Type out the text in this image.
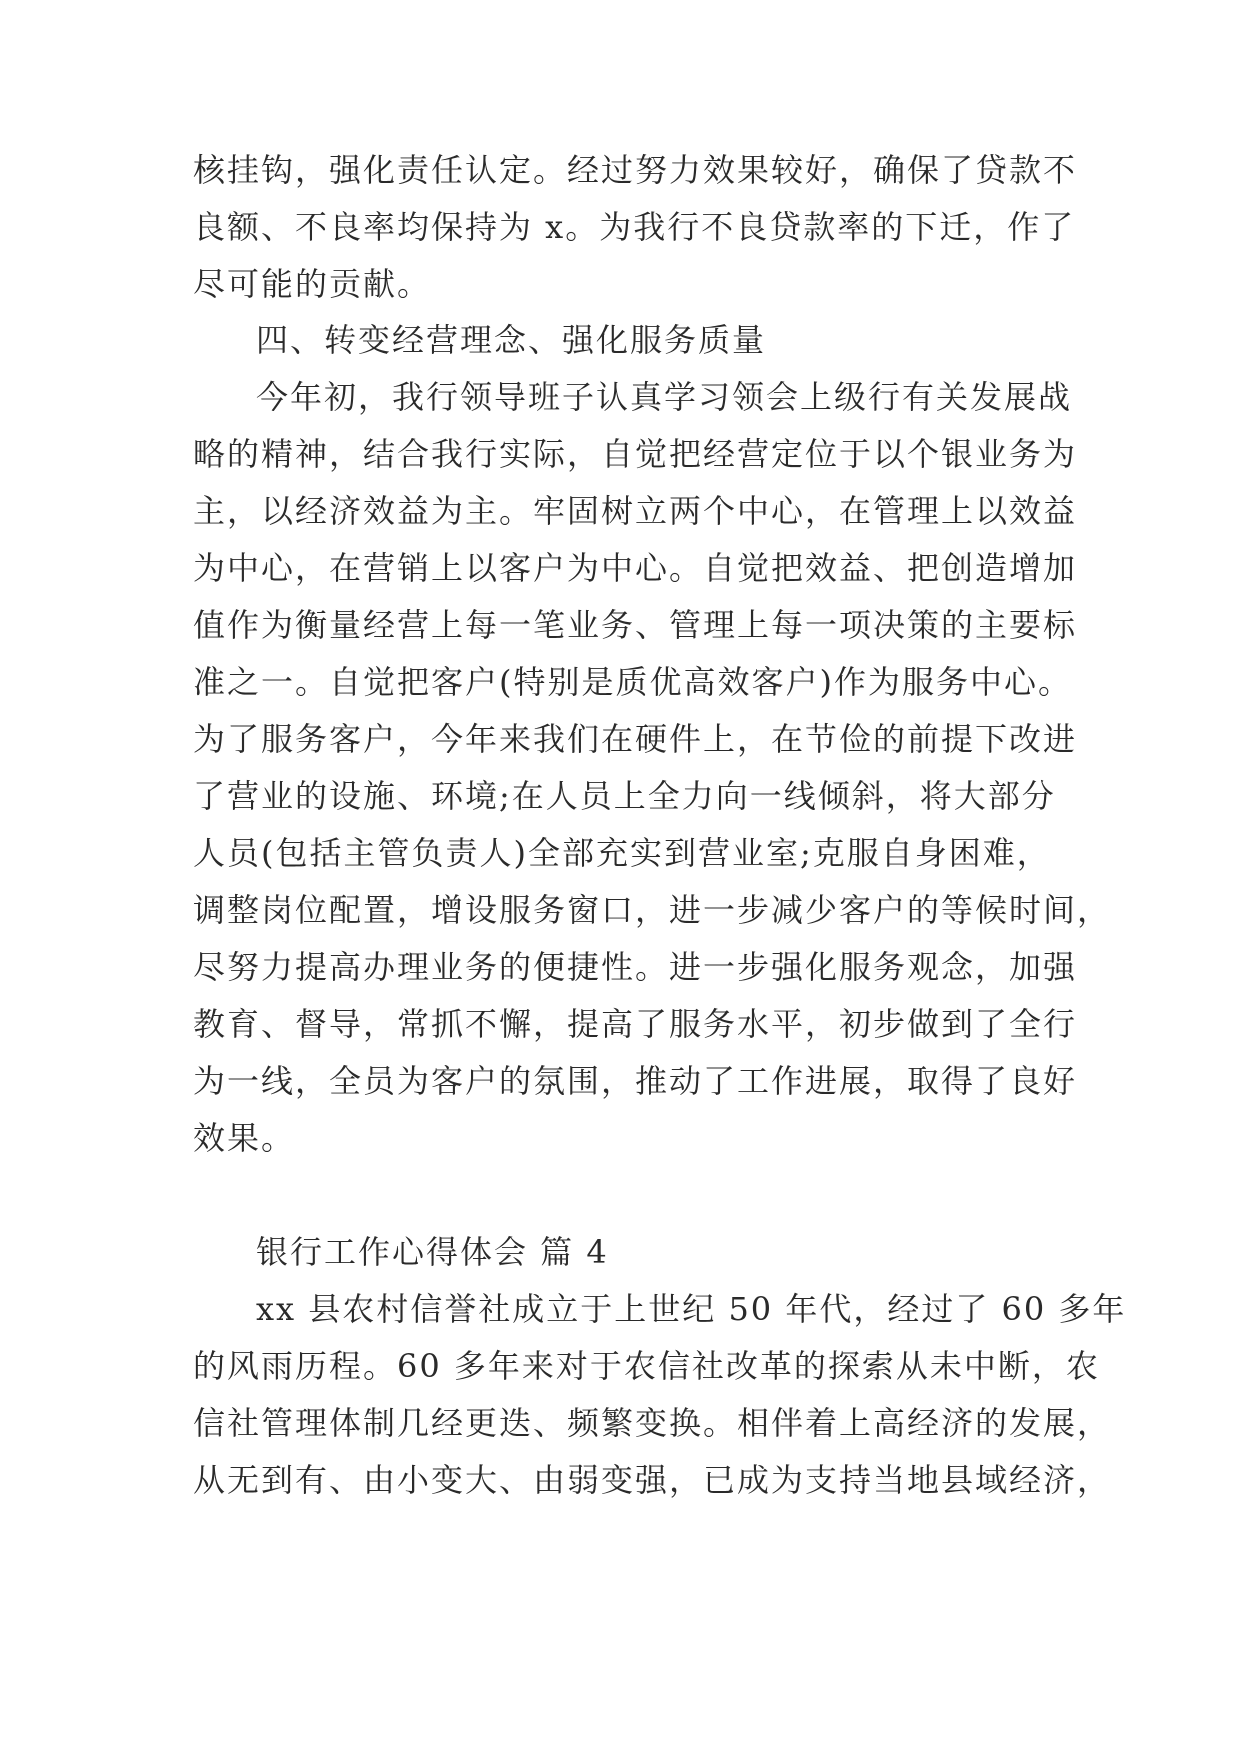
核挂钩，强化责任认定。经过努力效果较好，确保了贷款不
良额、不良率均保持为 x。为我行不良贷款率的下迁，作了
尽可能的贡献。
四、转变经营理念、强化服务质量
今年初，我行领导班子认真学习领会上级行有关发展战
略的精神，结合我行实际，自觉把经营定位于以个银业务为
主，以经济效益为主。牢固树立两个中心，在管理上以效益
为中心，在营销上以客户为中心。自觉把效益、把创造增加
值作为衡量经营上每一笔业务、管理上每一项决策的主要标
准之一。自觉把客户(特别是质优高效客户)作为服务中心。
为了服务客户，今年来我们在硬件上，在节俭的前提下改进
了营业的设施、环境;在人员上全力向一线倾斜，将大部分
人员(包括主管负责人)全部充实到营业室;克服自身困难，
调整岗位配置，增设服务窗口，进一步减少客户的等候时间，
尽努力提高办理业务的便捷性。进一步强化服务观念，加强
教育、督导，常抓不懈，提高了服务水平，初步做到了全行
为一线，全员为客户的氛围，推动了工作进展，取得了良好
效果。
银行工作心得体会 篇 4
xx 县农村信誉社成立于上世纪 50 年代，经过了 60 多年
的风雨历程。60 多年来对于农信社改革的探索从未中断，农
信社管理体制几经更迭、频繁变换。相伴着上高经济的发展，
从无到有、由小变大、由弱变强，已成为支持当地县域经济，
